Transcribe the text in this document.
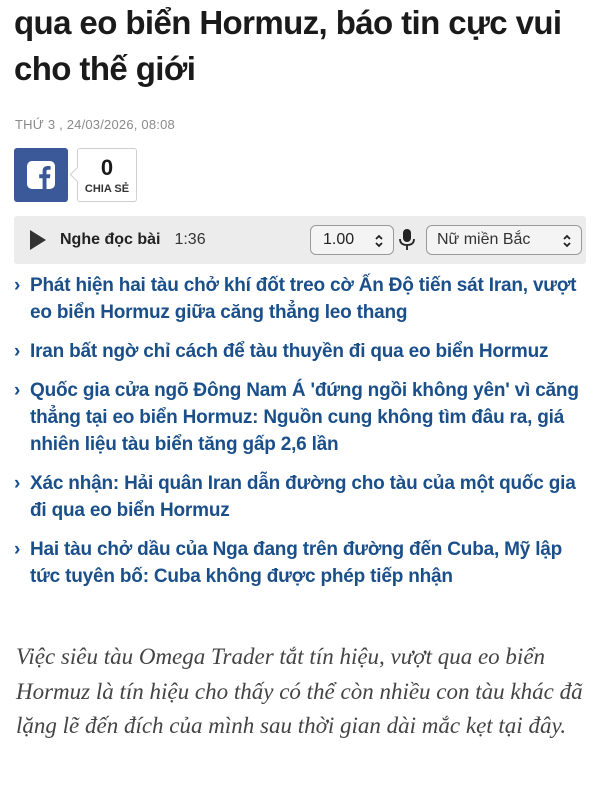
qua eo biển Hormuz, báo tin cực vui cho thế giới
THỨ 3 , 24/03/2026, 08:08
0
CHIA SẺ
Nghe đọc bài 1:36	1.00	Nữ miền Bắc
› Phát hiện hai tàu chở khí đốt treo cờ Ấn Độ tiến sát Iran, vượt eo biển Hormuz giữa căng thẳng leo thang
› Iran bất ngờ chỉ cách để tàu thuyền đi qua eo biển Hormuz
› Quốc gia cửa ngõ Đông Nam Á 'đứng ngồi không yên' vì căng thẳng tại eo biển Hormuz: Nguồn cung không tìm đâu ra, giá nhiên liệu tàu biển tăng gấp 2,6 lần
› Xác nhận: Hải quân Iran dẫn đường cho tàu của một quốc gia đi qua eo biển Hormuz
› Hai tàu chở dầu của Nga đang trên đường đến Cuba, Mỹ lập tức tuyên bố: Cuba không được phép tiếp nhận

Việc siêu tàu Omega Trader tắt tín hiệu, vượt qua eo biển Hormuz là tín hiệu cho thấy có thể còn nhiều con tàu khác đã lặng lẽ đến đích của mình sau thời gian dài mắc kẹt tại đây.
